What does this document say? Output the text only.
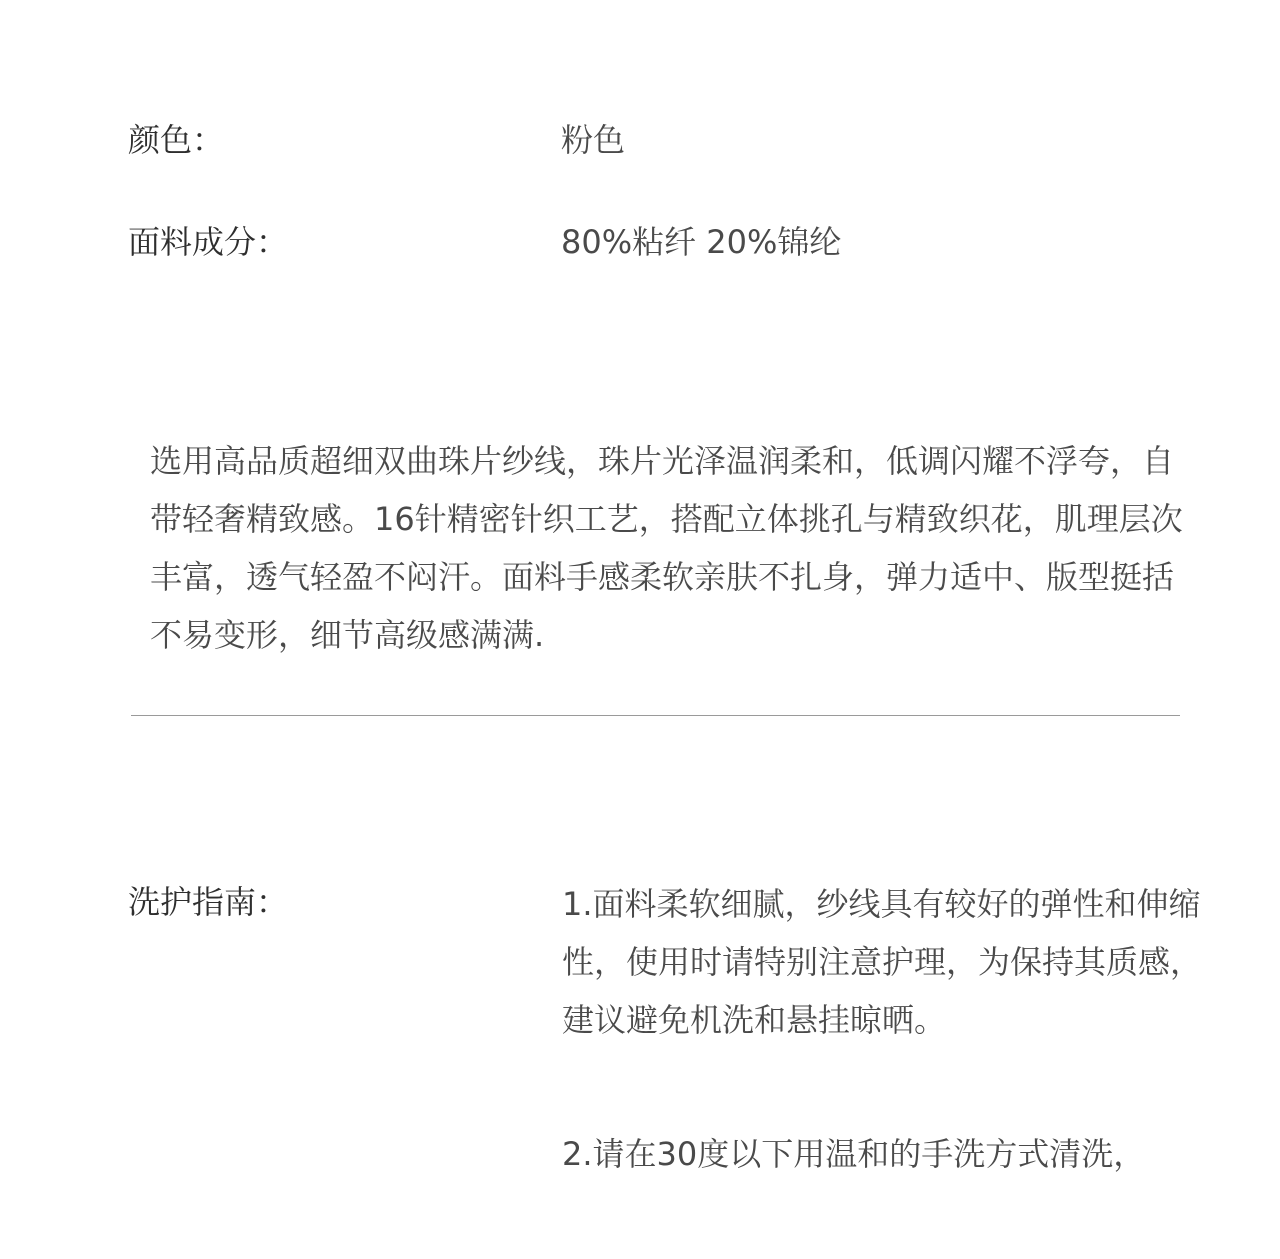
颜色：	粉色
面料成分：	80%粘纤 20%锦纶

选用高品质超细双曲珠片纱线，珠片光泽温润柔和，低调闪耀不浮夸，自带轻奢精致感。16针精密针织工艺，搭配立体挑孔与精致织花，肌理层次丰富，透气轻盈不闷汗。面料手感柔软亲肤不扎身，弹力适中、版型挺括不易变形，细节高级感满满.

洗护指南：	1.面料柔软细腻，纱线具有较好的弹性和伸缩性，使用时请特别注意护理，为保持其质感，建议避免机洗和悬挂晾晒。
2.请在30度以下用温和的手洗方式清洗，
